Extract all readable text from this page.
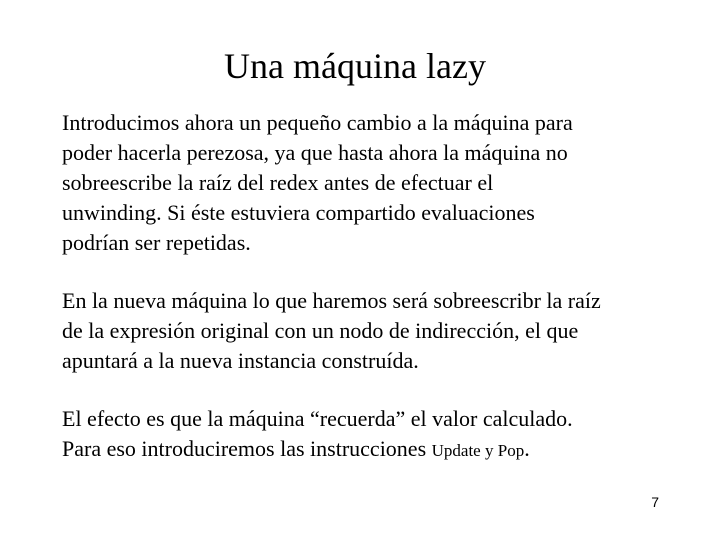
Una máquina lazy

Introducimos ahora un pequeño cambio a la máquina para
poder hacerla perezosa, ya que hasta ahora la máquina no
sobreescribe la raíz del redex antes de efectuar el
unwinding. Si éste estuviera compartido evaluaciones
podrían ser repetidas.

En la nueva máquina lo que haremos será sobreescribr la raíz
de la expresión original con un nodo de indirección, el que
apuntará a la nueva instancia construída.

El efecto es que la máquina “recuerda” el valor calculado.
Para eso introduciremos las instrucciones Update y Pop.

7
